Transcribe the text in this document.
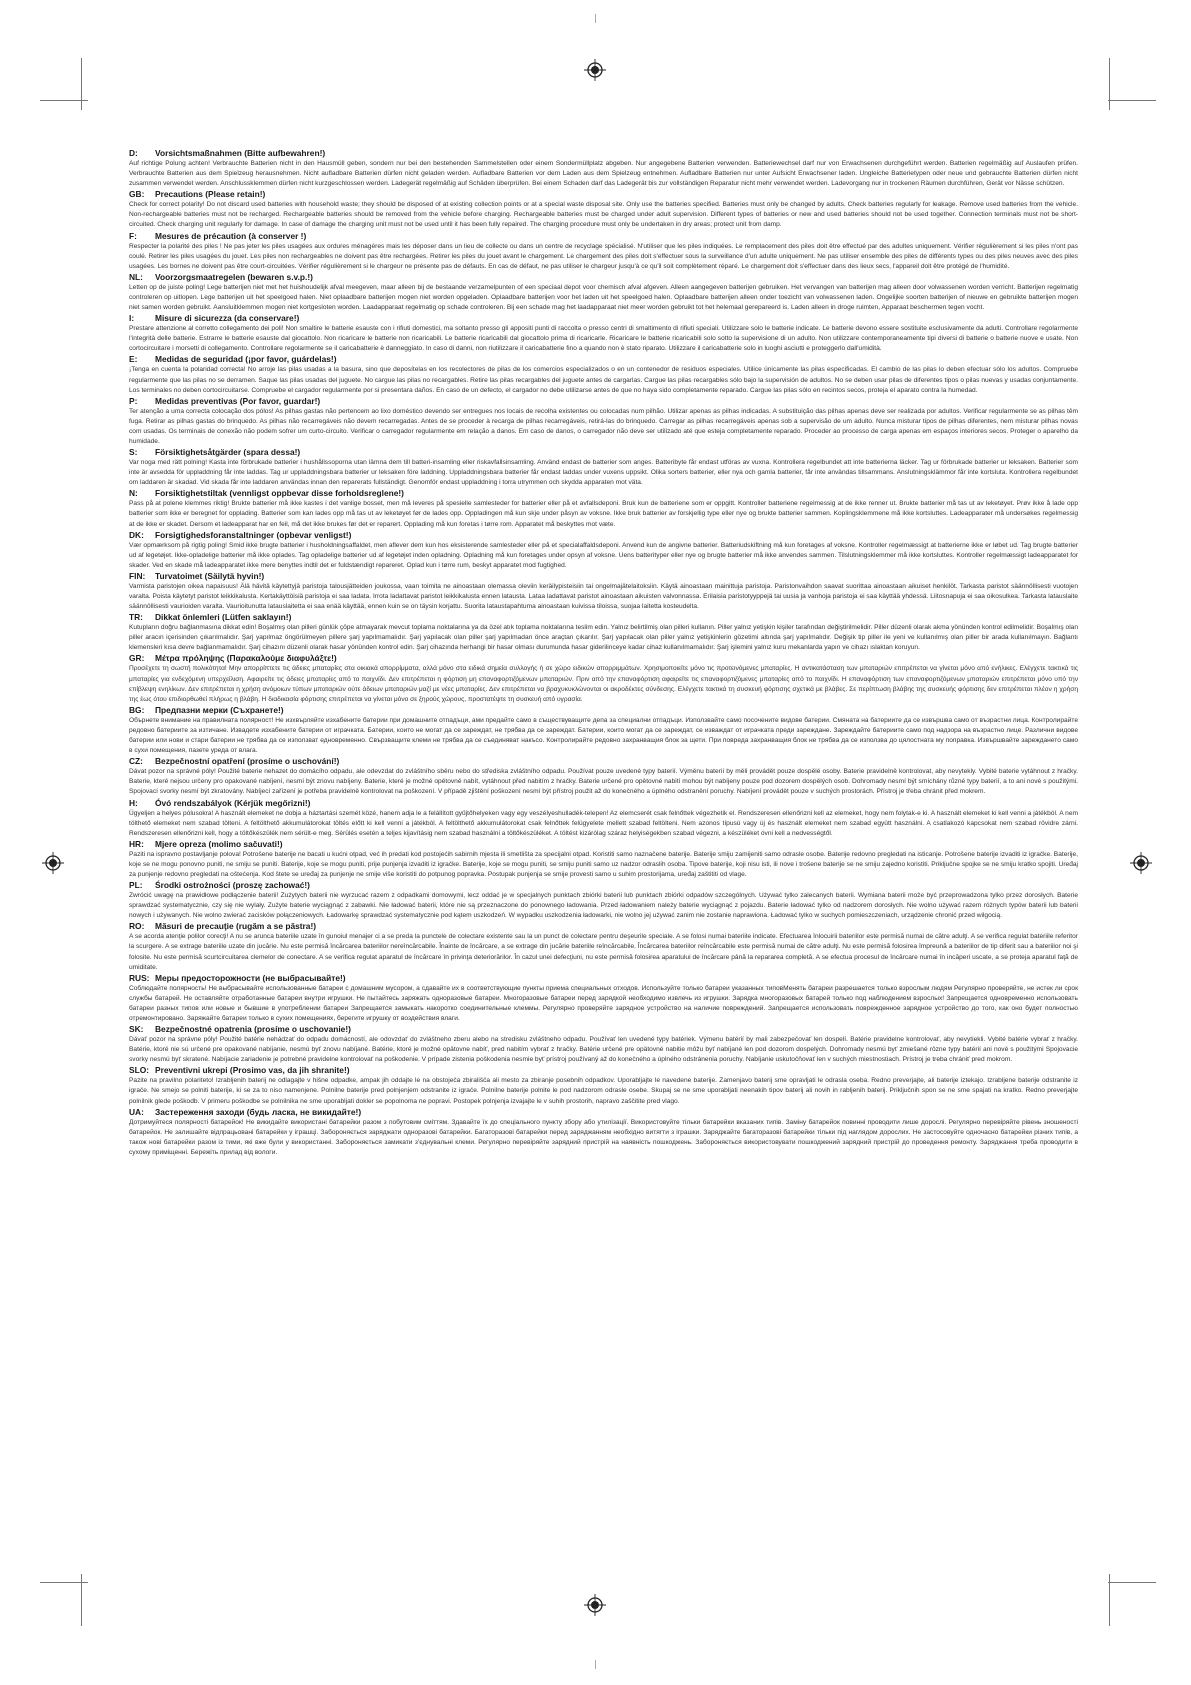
D: Vorsichtsmaßnahmen (Bitte aufbewahren!)

Auf richtige Polung achten! Verbrauchte Batterien nicht in den Hausmüll geben, sondern nur bei den bestehenden Sammelstellen oder einem Sondermüllplatz abgeben. Nur angegebene Batterien verwenden. Batteriewechsel darf nur von Erwachsenen durchgeführt werden. Batterien regelmäßig auf Auslaufen prüfen. Verbrauchte Batterien aus dem Spielzeug herausnehmen. Nicht aufladbare Batterien dürfen nicht geladen werden. Aufladbare Batterien vor dem Laden aus dem Spielzeug entnehmen. Aufladbare Batterien nur unter Aufsicht Erwachsener laden. Ungleiche Batterietypen oder neue und gebrauchte Batterien dürfen nicht zusammen verwendet werden. Anschlussklemmen dürfen nicht kurzgeschlossen werden. Ladegerät regelmäßig auf Schäden überprüfen. Bei einem Schaden darf das Ladegerät bis zur vollständigen Reparatur nicht mehr verwendet werden. Ladevorgang nur in trockenen Räumen durchführen, Gerät vor Nässe schützen.

GB: Precautions (Please retain!)

Check for correct polarity! Do not discard used batteries with household waste; they should be disposed of at existing collection points or at a special waste disposal site. Only use the batteries specified. Batteries must only be changed by adults. Check batteries regularly for leakage. Remove used batteries from the vehicle. Non-rechargeable batteries must not be recharged. Rechargeable batteries should be removed from the vehicle before charging. Rechargeable batteries must be charged under adult supervision. Different types of batteries or new and used batteries should not be used together. Connection terminals must not be short-circuited. Check charging unit regularly for damage. In case of damage the charging unit must not be used until it has been fully repaired. The charging procedure must only be undertaken in dry areas; protect unit from damp.

F: Mesures de précaution (à conserver !)

Respecter la polarité des piles ! Ne pas jeter les piles usagées aux ordures ménagères mais les déposer dans un lieu de collecte ou dans un centre de recyclage spécialisé. N'utiliser que les piles indiquées. Le remplacement des piles doit être effectué par des adultes uniquement. Vérifier régulièrement si les piles n'ont pas coulé. Retirer les piles usagées du jouet. Les piles non rechargeables ne doivent pas être rechargées. Retirer les piles du jouet avant le chargement. Le chargement des piles doit s'effectuer sous la surveillance d'un adulte uniquement. Ne pas utiliser ensemble des piles de différents types ou des piles neuves avec des piles usagées. Les bornes ne doivent pas être court-circuitées. Vérifier régulièrement si le chargeur ne présente pas de défauts. En cas de défaut, ne pas utiliser le chargeur jusqu'à ce qu'il soit complètement réparé. Le chargement doit s'effectuer dans des lieux secs, l'appareil doit être protégé de l'humidité.

NL: Voorzorgsmaatregelen (bewaren s.v.p.!)

Letten op de juiste poling! Lege batterijen niet met het huishoudelijk afval meegeven, maar alleen bij de bestaande verzamelpunten of een speciaal depot voor chemisch afval afgeven. Alleen aangegeven batterijen gebruiken. Het vervangen van batterijen mag alleen door volwassenen worden verricht. Batterijen regelmatig controleren op uitlopen. Lege batterijen uit het speelgoed halen. Niet oplaadbare batterijen mogen niet worden opgeladen. Oplaadbare batterijen voor het laden uit het speelgoed halen. Oplaadbare batterijen alleen onder toezicht van volwassenen laden. Ongelijke soorten batterijen of nieuwe en gebruikte batterijen mogen niet samen worden gebruikt. Aansluitklemmen mogen niet kortgesloten worden. Laadapparaat regelmatig op schade controleren. Bij een schade mag het laadapparaat niet meer worden gebruikt tot het helemaal gerepareerd is. Laden alleen in droge ruimten, Apparaat beschermen tegen vocht.

I: Misure di sicurezza (da conservare!)

Prestare attenzione al corretto collegamento dei poli! Non smaltire le batterie esauste con i rifiuti domestici, ma soltanto presso gli appositi punti di raccolta o presso centri di smaltimento di rifiuti speciali. Utilizzare solo le batterie indicate. Le batterie devono essere sostituite esclusivamente da adulti. Controllare regolarmente l'integrità delle batterie. Estrarre le batterie esauste dal giocattolo. Non ricaricare le batterie non ricaricabili. Le batterie ricaricabili dal giocattolo prima di ricaricarle. Ricaricare le batterie ricaricabili solo sotto la supervisione di un adulto. Non utilizzare contemporaneamente tipi diversi di batterie o batterie nuove e usate. Non cortocircuitare i morsetti di collegamento. Controllare regolarmente se il caricabatterie è danneggiato. In caso di danni, non riutilizzare il caricabatterie fino a quando non è stato riparato. Utilizzare il caricabatterie solo in luoghi asciutti e proteggerlo dall'umidità.

E: Medidas de seguridad (¡por favor, guárdelas!)

¡Tenga en cuenta la polaridad correcta! No arroje las pilas usadas a la basura, sino que deposítelas en los recolectores de pilas de los comercios especializados o en un contenedor de residuos especiales. Utilice únicamente las pilas especificadas. El cambio de las pilas lo deben efectuar sólo los adultos. Compruebe regularmente que las pilas no se derramen. Saque las pilas usadas del juguete. No cargue las pilas no recargables. Retire las pilas recargables del juguete antes de cargarlas. Cargue las pilas recargables sólo bajo la supervisión de adultos. No se deben usar pilas de diferentes tipos o pilas nuevas y usadas conjuntamente. Los terminales no deben cortocircuitarse. Compruebe el cargador regularmente por si presentara daños. En caso de un defecto, el cargador no debe utilizarse antes de que no haya sido completamente reparado. Cargue las pilas sólo en recintos secos, proteja el aparato contra la humedad.

P: Medidas preventivas (Por favor, guardar!)

Ter atenção a uma correcta colocação dos pólos! As pilhas gastas não pertencem ao lixo doméstico devendo ser entregues nos locais de recolha existentes ou colocadas num pilhão. Utilizar apenas as pilhas indicadas. A substituição das pilhas apenas deve ser realizada por adultos. Verificar regularmente se as pilhas têm fuga. Retirar as pilhas gastas do brinquedo. As pilhas não recarregáveis não devem recarregadas. Antes de se proceder à recarga de pilhas recarregáveis, retirá-las do brinquedo. Carregar as pilhas recarregáveis apenas sob a supervisão de um adulto. Nunca misturar tipos de pilhas diferentes, nem misturar pilhas novas com usadas. Os terminais de conexão não podem sofrer um curto-circuito. Verificar o carregador regularmente em relação a danos. Em caso de danos, o carregador não deve ser utilizado até que esteja completamente reparado. Proceder ao processo de carga apenas em espaços interiores secos. Proteger o aparelho da humidade.

S: Försiktighetsåtgärder (spara dessa!)

Var noga med rätt polning! Kasta inte förbrukade batterier i hushållssoporna utan lämna dem till batteri-insamling eller riskavfallsinsamling. Använd endast de batterier som anges. Batteribyte får endast utföras av vuxna. Kontrollera regelbundet att inte batterierna läcker. Tag ur förbrukade batterier ur leksaken. Batterier som inte är avsedda för uppladdning får inte laddas. Tag ur uppladdningsbara batterier ur leksaken före laddning. Uppladdningsbara batterier får endast laddas under vuxens uppsikt. Olika sorters batterier, eller nya och gamla batterier, får inte användas tillsammans. Anslutningsklämmor får inte kortsluta. Kontrollera regelbundet om laddaren är skadad. Vid skada får inte laddaren användas innan den reparerats fullständigt. Genomför endast uppladdning i torra utrymmen och skydda apparaten mot väta.

N: Forsiktighetstiltak (vennligst oppbevar disse forholdsreglene!)

Pass på at polene klemmes riktig! Brukte batterier må ikke kastes i det vanlige bosset, men må leveres på spesielle samlesteder for batterier eller på et avfallsdeponi. Bruk kun de batteriene som er oppgitt. Kontroller batteriene regelmessig at de ikke renner ut. Brukte batterier må tas ut av leketøyet. Prøv ikke å lade opp batterier som ikke er beregnet for opplading. Batterier som kan lades opp må tas ut av leketøyet før de lades opp. Oppladingen må kun skje under påsyn av voksne. Ikke bruk batterier av forskjellig type eller nye og brukte batterier sammen. Koplingsklemmene må ikke kortsluttes. Ladeapparater må undersøkes regelmessig at de ikke er skadet. Dersom et ladeapparat har en feil, må det ikke brukes før det er reparert. Opplading må kun foretas i tørre rom. Apparatet må beskyttes mot væte.

DK: Forsigtighedsforanstaltninger (opbevar venligst!)

Vær opmærksom på rigtig poling! Smid ikke brugte batterier i husholdningsaffaldet, men aflever dem kun hos eksisterende samlesteder eller på et specialaffaldsdeponi. Anvend kun de angivne batterier. Batteriudskiftning må kun foretages af voksne. Kontroller regelmæssigt at batterierne ikke er løbet ud. Tag brugte batterier ud af legetøjet. Ikke-opladelige batterier må ikke oplades. Tag opladelige batterier ud af legetøjet inden opladning. Opladning må kun foretages under opsyn af voksne. Uens batterityper eller nye og brugte batterier må ikke anvendes sammen. Tilslutningsklemmer må ikke kortsluttes. Kontroller regelmæssigt ladeapparatet for skader. Ved en skade må ladeapparatet ikke mere benyttes indtil det er fuldstændigt repareret. Oplad kun i tørre rum, beskyt apparatet mod fugtighed.

FIN: Turvatoimet (Säilytä hyvin!)

Varmista paristojen oikea napaisuus! Älä hävitä käytettyjä paristoja talousjätteiden joukossa, vaan toimita ne ainoastaan olemassa oleviin keräilypisteisiin tai ongelmajätelaitoksiin. Käytä ainoastaan mainittuja paristoja. Paristonvaihdon saavat suorittaa ainoastaan aikuiset henkilöt. Tarkasta paristot säännöllisesti vuotojen varalta. Poista käytetyt paristot leikkikalusta. Kertakäyttöisiä paristoja ei saa ladata. Irrota ladattavat paristot leikkikalusta ennen latausta. Lataa ladattavat paristot ainoastaan aikuisten valvonnassa. Erilaisia paristotyyppejä tai uusia ja vanhoja paristoja ei saa käyttää yhdessä. Liitosnapuja ei saa oikosulkea. Tarkasta latauslaite säännöllisesti vaurioiden varalta. Vaurioitunutta latauslaitetta ei saa enää käyttää, ennen kuin se on täysin korjattu. Suorita lataustapahtuma ainoastaan kuivissa tiloissa, suojaa laitetta kosteudelta.

TR: Dikkat önlemleri (Lütfen saklayın!)

Kutupların doğru bağlanmasına dikkat edin! Boşalmış olan pilleri günlük çöpe atmayarak mevcut toplama noktalarına ya da özel atık toplama noktalarına teslim edin. Yalnız belirtilmiş olan pilleri kullanın. Piller yalnız yetişkin kişiler tarafından değiştirilmelidir. Piller düzenli olarak akma yönünden kontrol edilmelidir. Boşalmış olan piller aracın içerisinden çıkarılmalıdır. Şarj yapılmaz öngörülmeyen pillere şarj yapılmamalıdır. Şarj yapılacak olan piller şarj yapılmadan önce araçtan çıkarılır. Şarj yapılacak olan piller yalnız yetişkinlerin gözetimi altında şarj yapılmalıdır. Değişik tip piller ile yeni ve kullanılmış olan piller bir arada kullanılmayın. Bağlantı klemensleri kısa devre bağlanmamalıdır. Şarj cihazını düzenli olarak hasar yönünden kontrol edin. Şarj cihazında herhangi bir hasar olması durumunda hasar giderilinceye kadar cihaz kullanılmamalıdır. Şarj işlemini yalnız kuru mekanlarda yapın ve cihazı ıslaktan koruyun.

GR: Μέτρα πρόληψης (Παρακαλούμε διαφυλάξτε!)

Προσέχετε τη σωστή πολικότητα! Μην απορρίπτετε τις άδειες μπαταρίες στα οικιακά απορρίμματα, αλλά μόνο στα ειδικά σημεία συλλογής ή σε χώρο ειδικών απορριμμάτων. Χρησιμοποιείτε μόνο τις προτεινόμενες μπαταρίες. Η αντικατάσταση των μπαταριών επιτρέπεται να γίνεται μόνο από ενήλικες. Ελέγχετε τακτικά τις μπαταρίες για ενδεχόμενη υπερχείλιση. Αφαιρείτε τις άδειες μπαταρίες από το παιχνίδι. Δεν επιτρέπεται η φόρτιση μη επαναφορτιζόμενων μπαταριών. Πριν από την επαναφόρτιση αφαιρείτε τις επαναφορτιζόμενες μπαταρίες από το παιχνίδι. Η επαναφόρτιση των επαναφορτιζόμενων μπαταριών επιτρέπεται μόνο υπό την επίβλεψη ενηλίκων. Δεν επιτρέπεται η χρήση ανόμοιων τύπων μπαταριών ούτε άδειων μπαταριών μαζί με νέες μπαταρίες. Δεν επιτρέπεται να βραχυκυκλώνονται οι ακροδέκτες σύνδεσης. Ελέγχετε τακτικά τη συσκευή φόρτισης σχετικά με βλάβες. Σε περίπτωση βλάβης της συσκευής φόρτισης δεν επιτρέπεται πλέον η χρήση της έως ότου επιδιορθωθεί πλήρως η βλάβη. Η διαδικασία φόρτισης επιτρέπεται να γίνεται μόνο σε ξηρούς χώρους, προστατέψτε τη συσκευή από υγρασία.

BG: Предпазни мерки (Съхранете!)

Обърнете внимание на правилната полярност! Не изхвърляйте изхабените батерии при домашните отпадъци, ами предайте само в съществуващите депа за специални отпадъци. Използвайте само посочените видове батерии. Смяната на батериите да се извършва само от възрастни лица. Контролирайте редовно батериите за изтичане. Извадете изхабените батерии от играчката. Батерии, които не могат да се зареждат, не трябва да се зареждат. Батерии, които могат да се зареждат, се изваждат от играчката преди зареждане. Зареждайте батериите само под надзора на възрастно лице. Различни видове батерии или нови и стари батерии не трябва да се използват едновременно. Свързващите клеми не трябва да се съединяват накъсо. Контролирайте редовно захранващия блок за щети. При повреда захранващия блок не трябва да се използва до цялостната му поправка. Извършвайте зареждането само в сухи помещения, пазете уреда от влага.

CZ: Bezpečnostní opatření (prosíme o uschování!)

Dávat pozor na správné póly! Použité baterie nehazet do domácího odpadu, ale odevzdat do zvláštního sběru nebo do střediska zvláštního odpadu. Používat pouze uvedené typy baterií. Výměnu baterií by měli provádět pouze dospělé osoby. Baterie pravidelně kontrolovat, aby nevytekly. Vybité baterie vytáhnout z hračky. Baterie, které nejsou určeny pro opakované nabíjení, nesmí být znovu nabíjeny. Baterie, které je možné opětovně nabít, vytáhnout před nabitím z hračky. Baterie určené pro opětovné nabití mohou být nabíjeny pouze pod dozorem dospělých osob. Dohromady nesmí být smíchány různé typy baterií, a to ani nové s použitými. Spojovací svorky nesmí být zkratovány. Nabíjecí zařízení je potřeba pravidelně kontrolovat na poškození. V případě zjištění poškození nesmí být přístroj použit až do konečného a úplného odstranění poruchy. Nabíjení provádět pouze v suchých prostorách. Přístroj je třeba chránit před mokrem.

H: Óvó rendszabályok (Kérjük megőrizni!)

Ügyeljen a helyes pólusokra! A használt elemeket ne dobja a háztartási szemét közé, hanem adja le a felállított gyűjtőhelyeken vagy egy veszélyeshulladék-telepen! Az elemcserét csak felnőttek végezhetik el. Rendszeresen ellenőrizni kell az elemeket, hogy nem folytak-e ki. A használt elemeket ki kell venni a játékból. A nem tölthető elemeket nem szabad tölteni. A feltölthető akkumulátorokat töltés előtt ki kell venni a játékból. A feltölthető akkumulátorokat csak felnőttek felügyelete mellett szabad feltölteni. Nem azonos típusú vagy új és használt elemeket nem szabad együtt használni. A csatlakozó kapcsokat nem szabad rövidre zárni. Rendszeresen ellenőrizni kell, hogy a töltőkészülék nem sérült-e meg. Sérülés esetén a teljes kijavításig nem szabad használni a töltőkészüléket. A töltést kizárólag száraz helyiségekben szabad végezni, a készüléket óvni kell a nedvességtől.

HR: Mjere opreza (molimo sačuvati!)

Paziti na ispravno postavljanje polova! Potrošene baterije ne bacati u kućni otpad, već ih predati kod postojećih sabirnih mjesta ili smetlišta za specijalni otpad. Koristiti samo naznačene baterije. Baterije smiju zamijeniti samo odrasle osobe. Baterije redovno pregledati na isticanje. Potrošene baterije izvaditi iz igračke. Baterije, koje se ne mogu ponovno puniti, ne smiju se puniti. Baterije, koje se mogu puniti, prije punjenja izvaditi iz igračke. Baterije, koje se mogu puniti, se smiju puniti samo uz nadzor odraslih osoba. Tipove baterije, koji nisu isti, ili nove i trošene baterije se ne smiju zajedno koristiti. Priključne spojke se ne smiju kratko spojiti. Uređaj za punjenje redovno pregledati na oštećenja. Kod štete se uređaj za punjenje ne smije više koristiti do potpunog popravka. Postupak punjenja se smije provesti samo u suhim prostorijama, uređaj zaštititi od vlage.

PL: Środki ostrożności (proszę zachować!)

Zwrócić uwagę na prawidłowe podłączenie baterii! Zużytych baterii nie wyrzucać razem z odpadkami domowymi, lecz oddać je w specjalnych punktach zbiórki baterii lub punktach zbiórki odpadów szczególnych. Używać tylko zalecanych baterii. Wymiana baterii może być przeprowadzona tylko przez dorosłych. Baterie sprawdzać systematycznie, czy się nie wylały. Zużyte baterie wyciągnąć z zabawki. Nie ładować baterii, które nie są przeznaczone do ponownego ładowania. Przed ładowaniem należy baterie wyciągnąć z pojazdu. Baterie ładować tylko od nadzorem dorosłych. Nie wolno używać razem różnych typów baterii lub baterii nowych i używanych. Nie wolno zwierać zacisków połączeniowych. Ładowarkę sprawdzać systematycznie pod kątem uszkodzeń. W wypadku uszkodzenia ładowarki, nie wolno jej używać zanim nie zostanie naprawiona. Ładować tylko w suchych pomieszczeniach, urządzenie chronić przed wilgocią.

RO: Măsuri de precauţie (rugăm a se păstra!)

A se acorda atenţie polilor corecţi! A nu se arunca bateriile uzate în gunoiul menajer ci a se preda la punctele de colectare existente sau la un punct de colectare pentru deşeurile speciale. A se folosi numai bateriile indicate. Efectuarea înlocuirii bateriilor este permisă numai de către adulţi. A se verifica regulat bateriile referitor la scurgere. A se extrage bateriile uzate din jucărie. Nu este permisă încărcarea bateriilor nereîncărcabile. Înainte de încărcare, a se extrage din jucărie bateriile reîncărcabile. Încărcarea bateriilor reîncărcabile este permisă numai de către adulţi. Nu este permisă folosirea împreună a bateriilor de tip diferit sau a bateriilor noi şi folosite. Nu este permisă scurtcircuitarea clemelor de conectare. A se verifica regulat aparatul de încărcare în privinţa deteriorărilor. În cazul unei defecţiuni, nu este permisă folosirea aparatului de încărcare până la repararea completă. A se efectua procesul de încărcare numai în incăperi uscate, a se proteja aparatul faţă de umiditate.

RUS: Меры предосторожности (не выбрасывайте!)

Соблюдайте полярность! Не выбрасывайте использованные батареи с домашним мусором, а сдавайте их в соответствующие пункты приема специальных отходов. Используйте только батареи указанных типовМенять батареи разрешается только взрослым людям Регулярно проверяйте, не истек ли срок службы батарей. Не оставляйте отработанные батареи внутри игрушки. Не пытайтесь заряжать одноразовые батареи. Многоразовые батареи перед зарядкой необходимо извлечь из игрушки. Зарядка многоразовых батарей только под наблюдением взрослых! Запрещается одновременно использовать батареи разных типов или новые и бывшие в употреблении батареи Запрещается замыкать накоротко соединительные клеммы. Регулярно проверяйте зарядное устройство на наличие повреждений. Запрещается использовать поврежденное зарядное устройство до того, как оно будет полностью отремонтировано. Заряжайте батареи только в сухих помещениях, берегите игрушку от воздействия влаги.

SK: Bezpečnostné opatrenia (prosíme o uschovanie!)

Dávať pozor na správne póly! Použité batérie nehádzať do odpadu domácností, ale odovzdať do zvláštneho zberu alebo na stredisku zvláštneho odpadu. Používať len uvedené typy batériek. Výmenu batérií by mali zabezpečovať len dospelí. Batérie pravidelne kontrolovať, aby nevytiekli. Vybité batérie vybrať z hračky. Batérie, ktoré nie sú určené pre opakované nabíjanie, nesmú byť znovu nabíjané. Batérie, ktoré je možné opätovne nabíť, pred nabitím vybrať z hračky. Batérie určené pre opätovné nabitie môžu byť nabíjané len pod dozorom dospelých. Dohromady nesmú byť zmiešané rôzne typy batérií ani nové s použitými Spojovacie svorky nesmú byť skratené. Nabíjacie zariadenie je potrebné pravidelne kontrolovať na poškodenie. V prípade zistenia poškodenia nesmie byť prístroj používaný až do konečného a úplného odstránenia poruchy. Nabíjanie uskutočňovať len v suchých miestnostiach. Prístroj je treba chrániť pred mokrom.

SLO: Preventivni ukrepi (Prosimo vas, da jih shranite!)

Pazite na pravilno polariteto! Izrabljenih baterij ne odlagajte v hišne odpadke, ampak jih oddajte le na obstoječa zbirališča ali mesto za zbiranje posebnih odpadkov. Uporabljajte le navedene baterije. Zamenjavo baterij sme opravljati le odrasla oseba. Redno preverjajte, ali baterije iztekajo. Izrabljene baterije odstranite iz igrače. Ne smejo se polniti baterije, ki se za to niso namenjene. Polnilne baterije pred polnjenjem odstranite iz igrače. Polnilne baterije polnite le pod nadzorom odrasle osebe. Skupaj se ne sme uporabljati neenakih tipov baterij ali novih in rabljenih baterij. Priključnih spon se ne sme spajati na kratko. Redno preverjajte polnilnik glede poškodb. V primeru poškodbe se polnilnika ne sme uporabljati dokler se popolnoma ne popravi. Postopek polnjenja izvajajte le v suhih prostorih, napravo zaščitite pred vlago.

UA: Застереження заходи (будь ласка, не викидайте!)

Дотримуйтеся полярності батарейок! Не викидайте використані батарейки разом з побутовим сміттям. Здавайте їх до спеціального пункту збору або утилізації. Використовуйте тільки батарейки вказаних типів. Заміну батарейок повинні проводити лише дорослі. Регулярно перевіряйте рівень зношеності батарейок. Не залишайте відпрацьовані батарейки у іграшці. Забороняється заряджати одноразові батарейки. Багаторазові батарейки перед заряджанням необхідно витягти з іграшки. Заряджайте багаторазові батарейки тільки під наглядом дорослих. Не застосовуйте одночасно батарейки різних типів, а також нові батарейки разом із тими, які вже були у використанні. Забороняється замикати з'єднувальні клеми. Регулярно перевіряйте зарядний пристрій на наявність пошкоджень. Забороняється використовувати пошкоджений зарядний пристрій до проведення ремонту. Заряджання треба проводити в сухому приміщенні. Бережіть прилад від вологи.
